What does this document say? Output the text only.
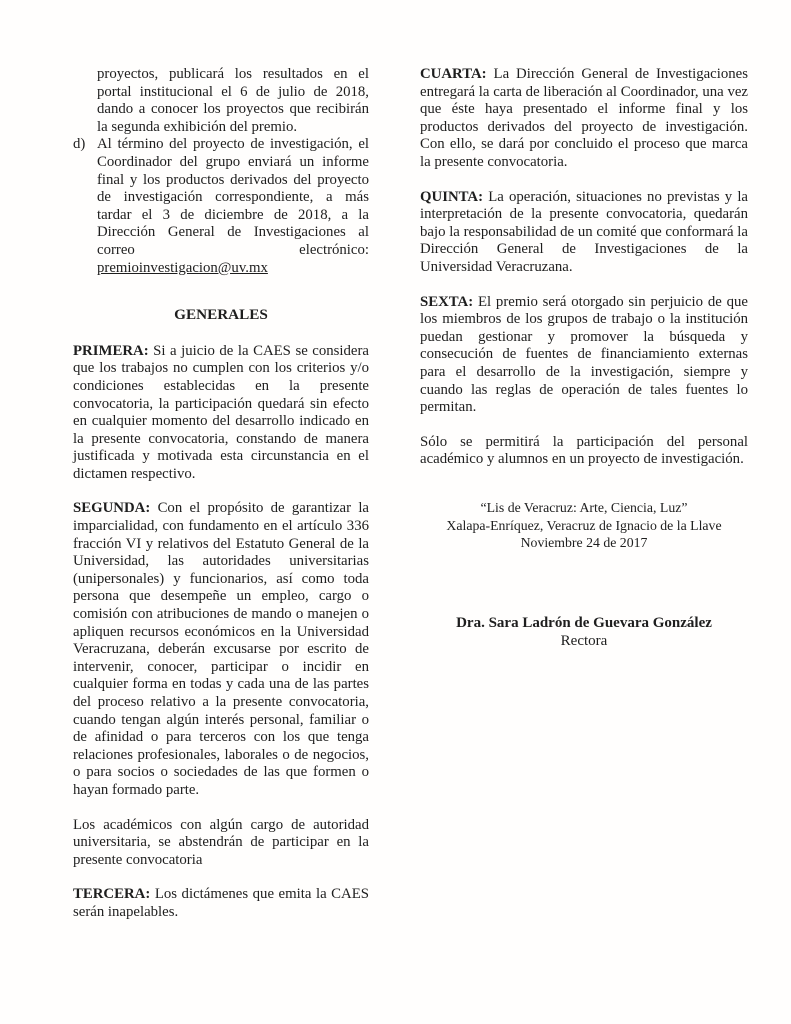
proyectos, publicará los resultados en el portal institucional el 6 de julio de 2018, dando a conocer los proyectos que recibirán la segunda exhibición del premio.
d) Al término del proyecto de investigación, el Coordinador del grupo enviará un informe final y los productos derivados del proyecto de investigación correspondiente, a más tardar el 3 de diciembre de 2018, a la Dirección General de Investigaciones al correo electrónico: premioinvestigacion@uv.mx
GENERALES

PRIMERA: Si a juicio de la CAES se considera que los trabajos no cumplen con los criterios y/o condiciones establecidas en la presente convocatoria, la participación quedará sin efecto en cualquier momento del desarrollo indicado en la presente convocatoria, constando de manera justificada y motivada esta circunstancia en el dictamen respectivo.

SEGUNDA: Con el propósito de garantizar la imparcialidad, con fundamento en el artículo 336 fracción VI y relativos del Estatuto General de la Universidad, las autoridades universitarias (unipersonales) y funcionarios, así como toda persona que desempeñe un empleo, cargo o comisión con atribuciones de mando o manejen o apliquen recursos económicos en la Universidad Veracruzana, deberán excusarse por escrito de intervenir, conocer, participar o incidir en cualquier forma en todas y cada una de las partes del proceso relativo a la presente convocatoria, cuando tengan algún interés personal, familiar o de afinidad o para terceros con los que tenga relaciones profesionales, laborales o de negocios, o para socios o sociedades de las que formen o hayan formado parte.

Los académicos con algún cargo de autoridad universitaria, se abstendrán de participar en la presente convocatoria

TERCERA: Los dictámenes que emita la CAES serán inapelables.

CUARTA: La Dirección General de Investigaciones entregará la carta de liberación al Coordinador, una vez que éste haya presentado el informe final y los productos derivados del proyecto de investigación. Con ello, se dará por concluido el proceso que marca la presente convocatoria.

QUINTA: La operación, situaciones no previstas y la interpretación de la presente convocatoria, quedarán bajo la responsabilidad de un comité que conformará la Dirección General de Investigaciones de la Universidad Veracruzana.

SEXTA: El premio será otorgado sin perjuicio de que los miembros de los grupos de trabajo o la institución puedan gestionar y promover la búsqueda y consecución de fuentes de financiamiento externas para el desarrollo de la investigación, siempre y cuando las reglas de operación de tales fuentes lo permitan.

Sólo se permitirá la participación del personal académico y alumnos en un proyecto de investigación.

“Lis de Veracruz: Arte, Ciencia, Luz”
Xalapa-Enríquez, Veracruz de Ignacio de la Llave
Noviembre 24 de 2017
Dra. Sara Ladrón de Guevara González
Rectora
